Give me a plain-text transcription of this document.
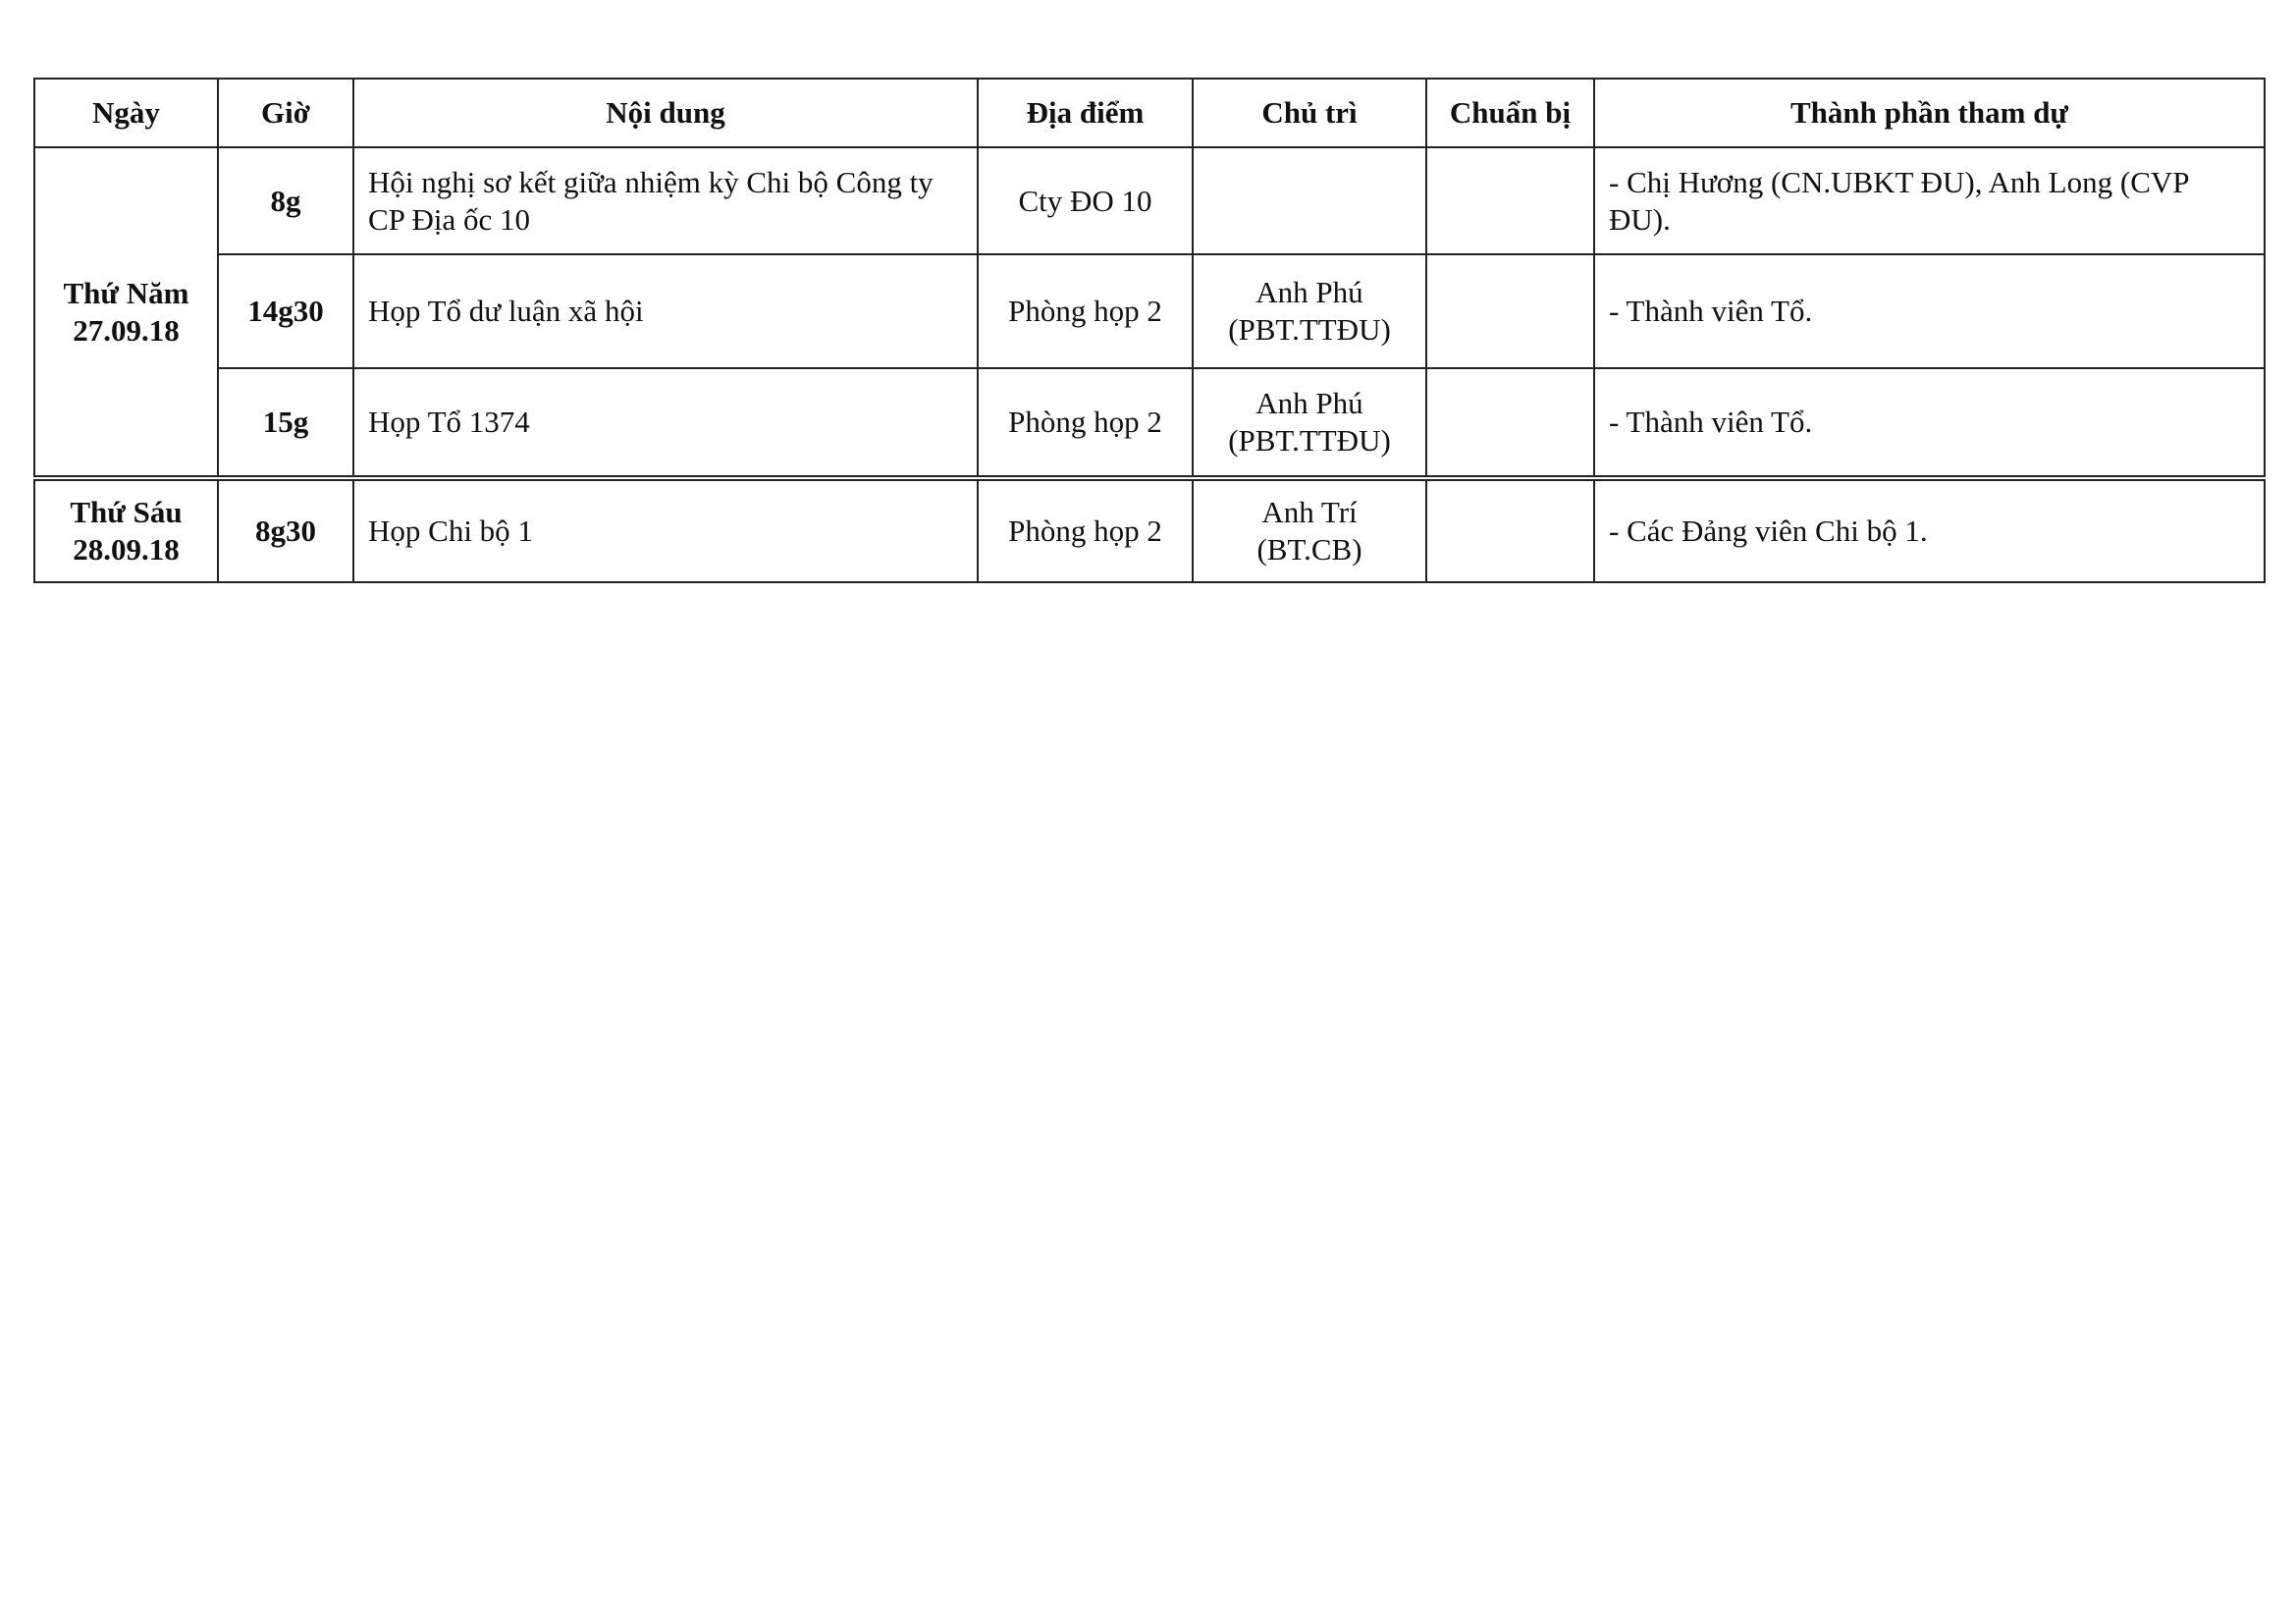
Ngày	Giờ	Nội dung	Địa điểm	Chủ trì	Chuẩn bị	Thành phần tham dự

Thứ Năm
27.09.18	8g	Hội nghị sơ kết giữa nhiệm kỳ Chi bộ Công ty CP Địa ốc 10	Cty ĐO 10			- Chị Hương (CN.UBKT ĐU), Anh Long (CVP ĐU).
	14g30	Họp Tổ dư luận xã hội	Phòng họp 2	Anh Phú
(PBT.TTĐU)		- Thành viên Tổ.
	15g	Họp Tổ 1374	Phòng họp 2	Anh Phú
(PBT.TTĐU)		- Thành viên Tổ.

Thứ Sáu
28.09.18	8g30	Họp Chi bộ 1	Phòng họp 2	Anh Trí
(BT.CB)		- Các Đảng viên Chi bộ 1.
